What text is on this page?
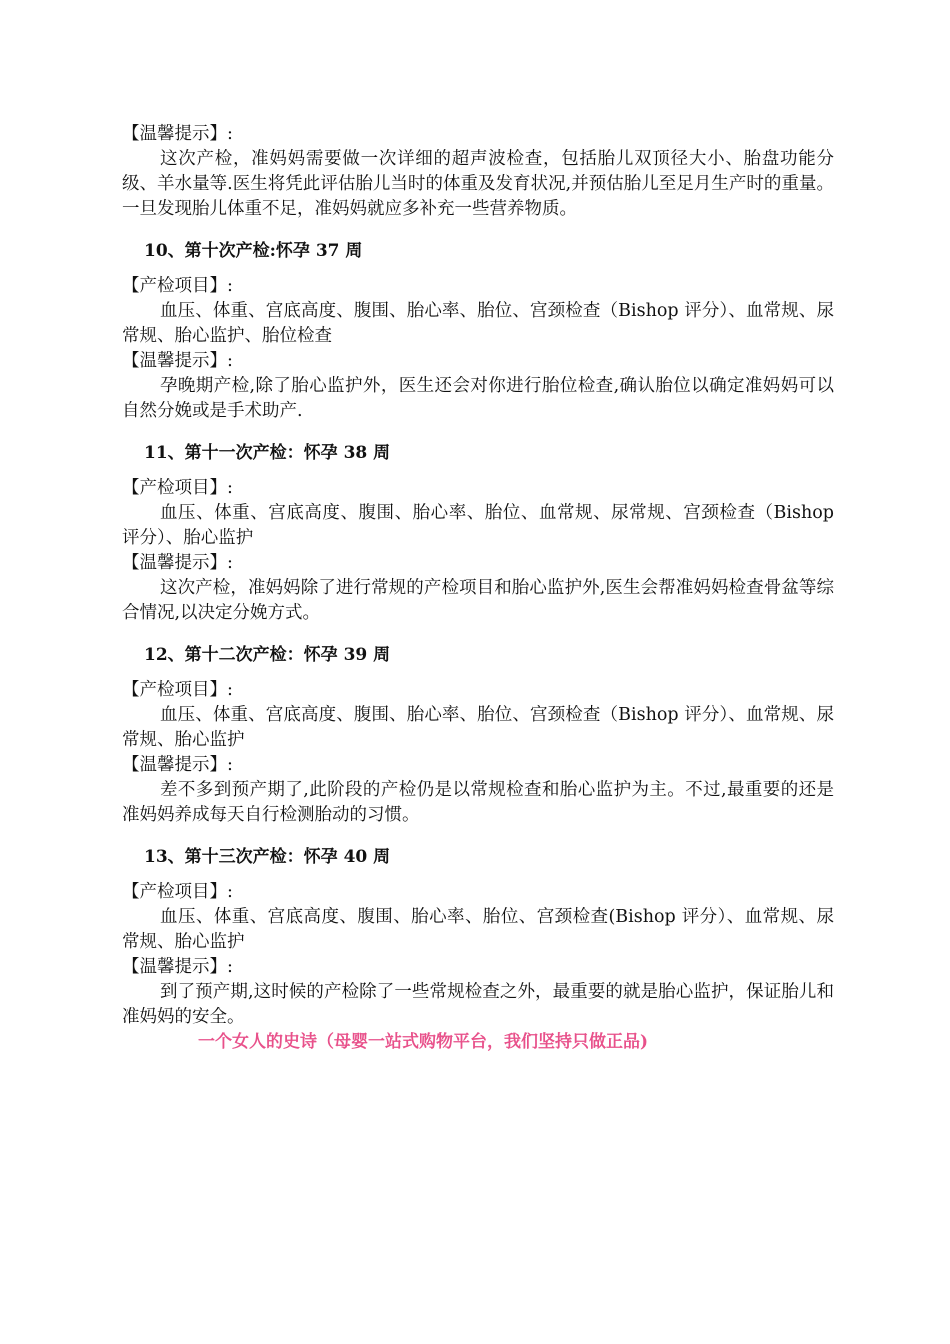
【温馨提示】:

这次产检，准妈妈需要做一次详细的超声波检查，包括胎儿双顶径大小、胎盘功能分级、羊水量等.医生将凭此评估胎儿当时的体重及发育状况,并预估胎儿至足月生产时的重量。一旦发现胎儿体重不足，准妈妈就应多补充一些营养物质。

10、第十次产检:怀孕 37 周

【产检项目】:

血压、体重、宫底高度、腹围、胎心率、胎位、宫颈检查（Bishop 评分）、血常规、尿常规、胎心监护、胎位检查

【温馨提示】:

孕晚期产检,除了胎心监护外，医生还会对你进行胎位检查,确认胎位以确定准妈妈可以自然分娩或是手术助产.

11、第十一次产检：怀孕 38 周

【产检项目】:

血压、体重、宫底高度、腹围、胎心率、胎位、血常规、尿常规、宫颈检查（Bishop 评分）、胎心监护

【温馨提示】:

这次产检，准妈妈除了进行常规的产检项目和胎心监护外,医生会帮准妈妈检查骨盆等综合情况,以决定分娩方式。

12、第十二次产检：怀孕 39 周

【产检项目】:

血压、体重、宫底高度、腹围、胎心率、胎位、宫颈检查（Bishop 评分）、血常规、尿常规、胎心监护

【温馨提示】:

差不多到预产期了,此阶段的产检仍是以常规检查和胎心监护为主。不过,最重要的还是准妈妈养成每天自行检测胎动的习惯。

13、第十三次产检：怀孕 40 周

【产检项目】:

血压、体重、宫底高度、腹围、胎心率、胎位、宫颈检查(Bishop 评分）、血常规、尿常规、胎心监护

【温馨提示】:

到了预产期,这时候的产检除了一些常规检查之外，最重要的就是胎心监护，保证胎儿和准妈妈的安全。

一个女人的史诗（母婴一站式购物平台，我们坚持只做正品)
